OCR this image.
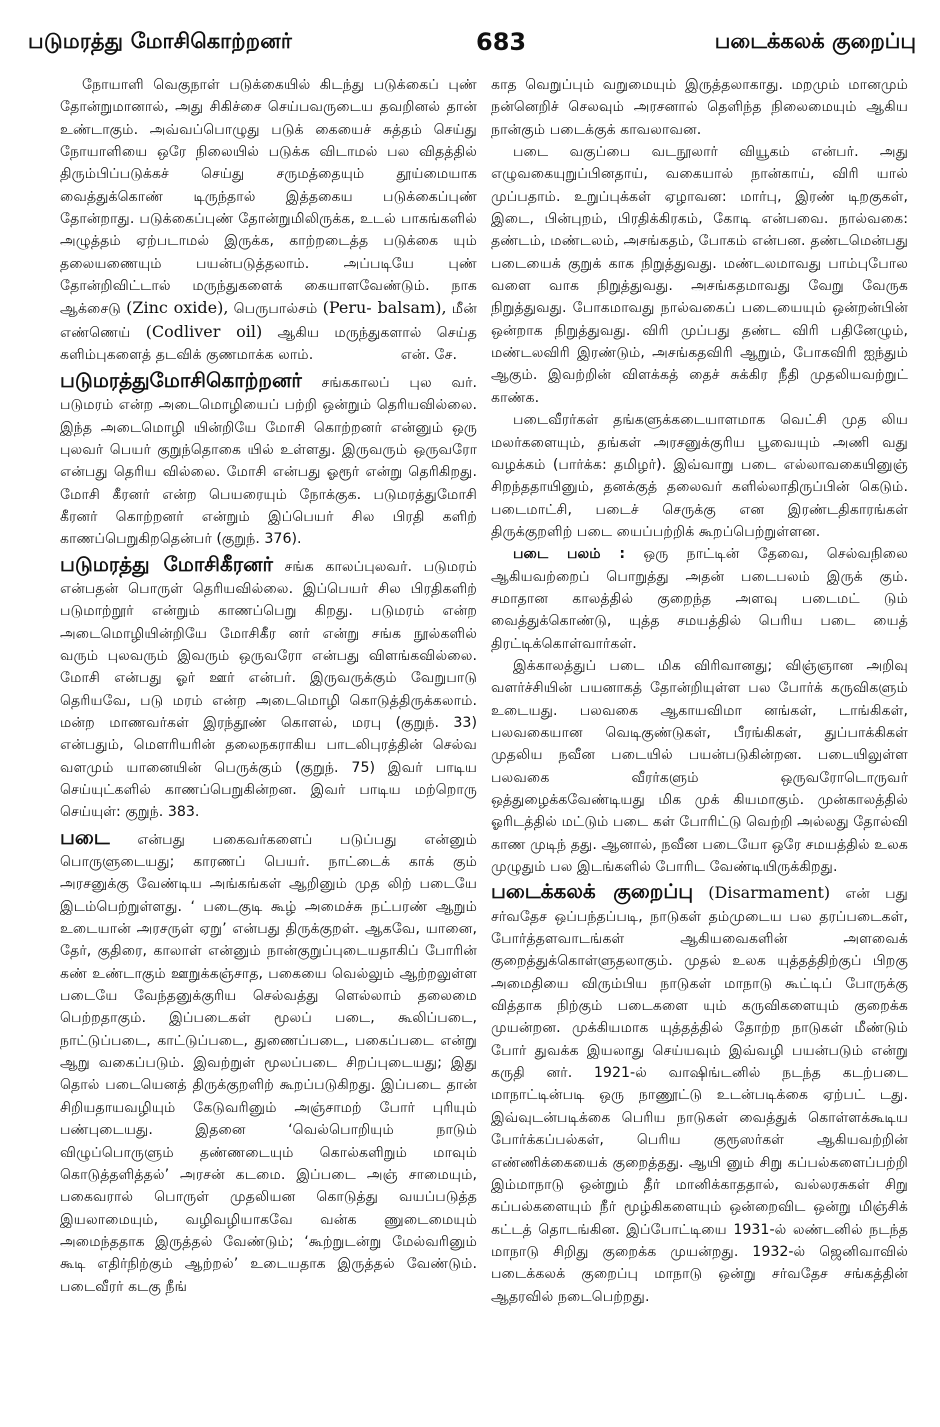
படுமரத்து மோசிகொற்றனர்	683	படைக்கலக் குறைப்பு

நோயாளி வெகுநாள் படுக்கையில் கிடந்து படுக்கைப் புண் தோன்றுமானால், அது சிகிச்சை செய்பவருடைய தவறினல் தான் உண்டாகும். அவ்வப்பொழுது படுக் கையைச் சுத்தம் செய்து நோயாளியை ஒரே நிலையில் படுக்க விடாமல் பல விதத்தில் திரும்பிப்படுக்கச் செய்து சருமத்தையும் தூய்மையாக வைத்துக்கொண் டிருந்தால் இத்தகைய படுக்கைப்புண் தோன்றாது. படுக்கைப்புண் தோன்றுமிலிருக்க, உடல் பாகங்களில் அழுத்தம் ஏற்படாமல் இருக்க, காற்றடைத்த படுக்கை யும் தலையணையும் பயன்படுத்தலாம். அப்படியே புண் தோன்றிவிட்டால் மருந்துகளைக் கையாளவேண்டும். நாக ஆக்சைடு (Zinc oxide), பெருபால்சம் (Peru- balsam), மீன் எண்ணெய் (Codliver oil) ஆகிய மருந்துகளால் செய்த களிம்புகளைத் தடவிக் குணமாக்க லாம்.	என். சே.

படுமரத்துமோசிகொற்றனர் சங்ககாலப் புல வர். படுமரம் என்ற அடைமொழியைப் பற்றி ஒன்றும் தெரியவில்லை. இந்த அடைமொழி யின்றியே மோசி கொற்றனர் என்னும் ஒரு புலவர் பெயர் குறுந்தொகை யில் உள்ளது. இருவரும் ஒருவரோ என்பது தெரிய வில்லை. மோசி என்பது ஓரூர் என்று தெரிகிறது. மோசி கீரனர் என்ற பெயரையும் நோக்குக. படுமரத்துமோசி கீரனர் கொற்றனர் என்றும் இப்பெயர் சில பிரதி களிற் காணப்பெறுகிறதென்பர் (குறுந். 376).

படுமரத்து மோசிகீரனர் சங்க காலப்புலவர். படுமரம் என்பதன் பொருள் தெரியவில்லை. இப்பெயர் சில பிரதிகளிற் படுமாற்றூர் என்றும் காணப்பெறு கிறது. படுமரம் என்ற அடைமொழியின்றியே மோசிகீர னர் என்று சங்க நூல்களில் வரும் புலவரும் இவரும் ஒருவரோ என்பது விளங்கவில்லை. மோசி என்பது ஓர் ஊர் என்பர். இருவருக்கும் வேறுபாடு தெரியவே, படு மரம் என்ற அடைமொழி கொடுத்திருக்கலாம். மன்ற மாணவர்கள் இரந்தூண் கொளல், மரபு (குறுந். 33) என்பதும், மௌரியரின் தலைநகராகிய பாடலிபுரத்தின் செல்வ வளமும் யானையின் பெருக்கும் (குறுந். 75) இவர் பாடிய செய்யுட்களில் காணப்பெறுகின்றன. இவர் பாடிய மற்றொரு செய்யுள்: குறுந். 383.

படை என்பது பகைவர்களைப் படுப்பது என்னும் பொருளுடையது; காரணப் பெயர். நாட்டைக் காக் கும் அரசனுக்கு வேண்டிய அங்கங்கள் ஆறினும் முத லிற் படையே இடம்பெற்றுள்ளது. ‘ படைகுடி கூழ் அமைச்சு நட்பரண் ஆறும் உடையான் அரசருள் ஏறு’ என்பது திருக்குறள். ஆகவே, யானை, தேர், குதிரை, காலாள் என்னும் நான்குறுப்புடையதாகிப் போரின் கண் உண்டாகும் ஊறுக்கஞ்சாத, பகையை வெல்லும் ஆற்றலுள்ள படையே வேந்தனுக்குரிய செல்வத்து ளெல்லாம் தலைமை பெற்றதாகும். இப்படைகள் மூலப் படை, கூலிப்படை, நாட்டுப்படை, காட்டுப்படை, துணைப்படை, பகைப்படை என்று ஆறு வகைப்படும். இவற்றுள் மூலப்படை சிறப்புடையது; இது தொல் படையெனத் திருக்குறளிற் கூறப்படுகிறது. இப்படை தான் சிறியதாயவழியும் கேடுவரினும் அஞ்சாமற் போர் புரியும் பண்புடையது. இதனை ‘வெல்பொறியும் நாடும் விழுப்பொருளும் தண்ணடையும் கொல்களிறும் மாவும் கொடுத்தளித்தல்’ அரசன் கடமை. இப்படை அஞ் சாமையும், பகைவரால் பொருள் முதலியன கொடுத்து வயப்படுத்த இயலாமையும், வழிவழியாகவே வன்க ணுடைமையும் அமைந்ததாக இருத்தல் வேண்டும்; ‘கூற்றுடன்று மேல்வரினும் கூடி எதிர்நிற்கும் ஆற்றல்’ உடையதாக இருத்தல் வேண்டும். படைவீரர் கடகு நீங்

காத வெறுப்பும் வறுமையும் இருத்தலாகாது. மறமும் மானமும் நன்னெறிச் செலவும் அரசனால் தெளிந்த நிலைமையும் ஆகிய நான்கும் படைக்குக் காவலாவன.

படை வகுப்பை வடநூலார் வியூகம் என்பர். அது எழுவகையுறுப்பினதாய், வகையால் நான்காய், விரி யால் முப்பதாம். உறுப்புக்கள் ஏழாவன: மார்பு, இரண் டிறகுகள், இடை, பின்புறம், பிரதிக்கிரகம், கோடி என்பவை. நால்வகை: தண்டம், மண்டலம், அசங்கதம், போகம் என்பன. தண்டமென்பது படையைக் குறுக் காக நிறுத்துவது. மண்டலமாவது பாம்புபோல வளை வாக நிறுத்துவது. அசங்கதமாவது வேறு வேருக நிறுத்துவது. போகமாவது நால்வகைப் படையையும் ஒன்றன்பின் ஒன்றாக நிறுத்துவது. விரி முப்பது தண்ட விரி பதினேழும், மண்டலவிரி இரண்டும், அசங்கதவிரி ஆறும், போகவிரி ஐந்தும் ஆகும். இவற்றின் விளக்கத் தைச் சுக்கிர நீதி முதலியவற்றுட் காண்க.

படைவீரர்கள் தங்களுக்கடையாளமாக வெட்சி முத லிய மலர்களையும், தங்கள் அரசனுக்குரிய பூவையும் அணி வது வழக்கம் (பார்க்க: தமிழர்). இவ்வாறு படை எல்லாவகையினுஞ் சிறந்ததாயினும், தனக்குத் தலைவர் களில்லாதிருப்பின் கெடும். படைமாட்சி, படைச் செருக்கு என இரண்டதிகாரங்கள் திருக்குறளிற் படை யைப்பற்றிக் கூறப்பெற்றுள்ளன.

படை பலம் : ஒரு நாட்டின் தேவை, செல்வநிலை ஆகியவற்றைப் பொறுத்து அதன் படைபலம் இருக் கும். சமாதான காலத்தில் குறைந்த அளவு படைமட் டும் வைத்துக்கொண்டு, யுத்த சமயத்தில் பெரிய படை யைத் திரட்டிக்கொள்வார்கள்.

இக்காலத்துப் படை மிக விரிவானது; விஞ்ஞான அறிவு வளர்ச்சியின் பயனாகத் தோன்றியுள்ள பல போர்க் கருவிகளும் உடையது. பலவகை ஆகாயவிமா னங்கள், டாங்கிகள், பலவகையான வெடிகுண்டுகள், பீரங்கிகள், துப்பாக்கிகள் முதலிய நவீன படையில் பயன்படுகின்றன. படையிலுள்ள பலவகை வீரர்களும் ஒருவரோடொருவர் ஒத்துழைக்கவேண்டியது மிக முக் கியமாகும். முன்காலத்தில் ஓரிடத்தில் மட்டும் படை கள் போரிட்டு வெற்றி அல்லது தோல்வி காண முடிந் தது. ஆனால், நவீன படையோ ஒரே சமயத்தில் உலக முழுதும் பல இடங்களில் போரிட வேண்டியிருக்கிறது.

படைக்கலக் குறைப்பு (Disarmament) என் பது சர்வதேச ஒப்பந்தப்படி, நாடுகள் தம்முடைய பல தரப்படைகள், போர்த்தளவாடங்கள் ஆகியவைகளின் அளவைக் குறைத்துக்கொள்ளுதலாகும். முதல் உலக யுத்தத்திற்குப் பிறகு அமைதியை விரும்பிய நாடுகள் மாநாடு கூட்டிப் போருக்கு வித்தாக நிற்கும் படைகளை யும் கருவிகளையும் குறைக்க முயன்றன. முக்கியமாக யுத்தத்தில் தோற்ற நாடுகள் மீண்டும் போர் துவக்க இயலாது செய்யவும் இவ்வழி பயன்படும் என்று கருதி னர். 1921-ல் வாஷிங்டனில் நடந்த கடற்படை மாநாட்டின்படி ஒரு நாணூட்டு உடன்படிக்கை ஏற்பட் டது. இவ்வுடன்படிக்கை பெரிய நாடுகள் வைத்துக் கொள்ளக்கூடிய போர்க்கப்பல்கள், பெரிய குரூஸர்கள் ஆகியவற்றின் எண்ணிக்கையைக் குறைத்தது. ஆயி னும் சிறு கப்பல்களைப்பற்றி இம்மாநாடு ஒன்றும் தீர் மானிக்காததால், வல்லரசுகள் சிறு கப்பல்களையும் நீர் மூழ்கிகளையும் ஒன்றைவிட ஒன்று மிஞ்சிக் கட்டத் தொடங்கின. இப்போட்டியை 1931-ல் லண்டனில் நடந்த மாநாடு சிறிது குறைக்க முயன்றது. 1932-ல் ஜெனிவாவில் படைக்கலக் குறைப்பு மாநாடு ஒன்று சர்வதேச சங்கத்தின் ஆதரவில் நடைபெற்றது.
